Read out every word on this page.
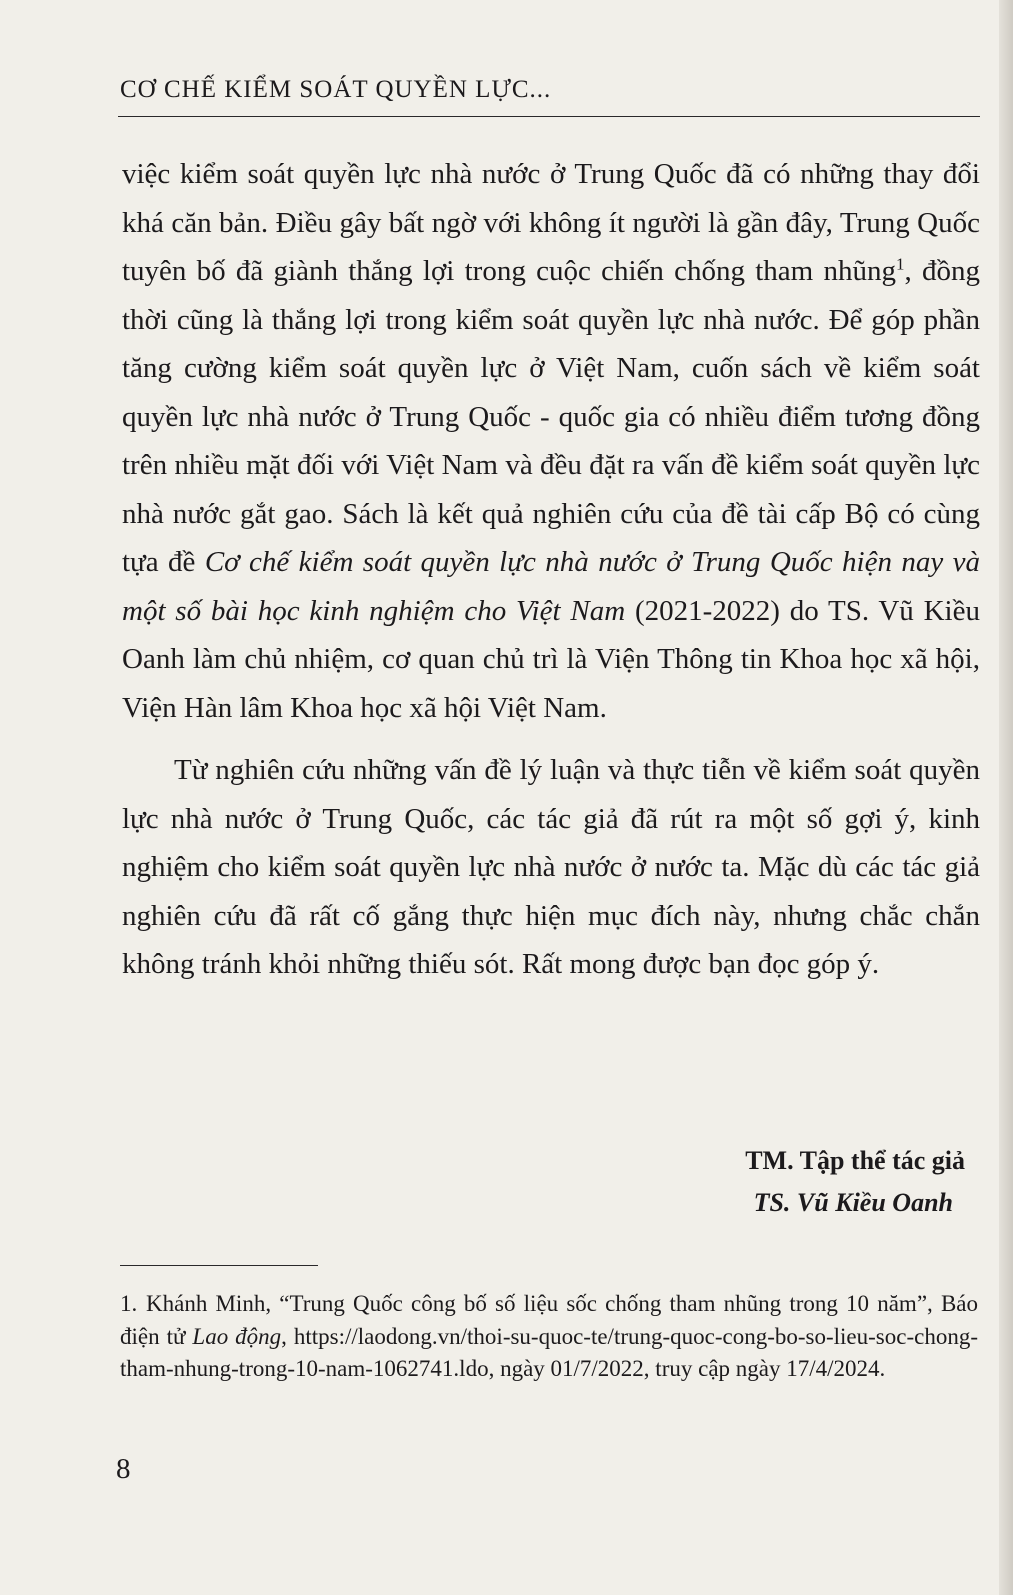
CƠ CHẾ KIỂM SOÁT QUYỀN LỰC...

việc kiểm soát quyền lực nhà nước ở Trung Quốc đã có những thay đổi khá căn bản. Điều gây bất ngờ với không ít người là gần đây, Trung Quốc tuyên bố đã giành thắng lợi trong cuộc chiến chống tham nhũng$^1$, đồng thời cũng là thắng lợi trong kiểm soát quyền lực nhà nước. Để góp phần tăng cường kiểm soát quyền lực ở Việt Nam, cuốn sách về kiểm soát quyền lực nhà nước ở Trung Quốc - quốc gia có nhiều điểm tương đồng trên nhiều mặt đối với Việt Nam và đều đặt ra vấn đề kiểm soát quyền lực nhà nước gắt gao. Sách là kết quả nghiên cứu của đề tài cấp Bộ có cùng tựa đề Cơ chế kiểm soát quyền lực nhà nước ở Trung Quốc hiện nay và một số bài học kinh nghiệm cho Việt Nam (2021-2022) do TS. Vũ Kiều Oanh làm chủ nhiệm, cơ quan chủ trì là Viện Thông tin Khoa học xã hội, Viện Hàn lâm Khoa học xã hội Việt Nam.

Từ nghiên cứu những vấn đề lý luận và thực tiễn về kiểm soát quyền lực nhà nước ở Trung Quốc, các tác giả đã rút ra một số gợi ý, kinh nghiệm cho kiểm soát quyền lực nhà nước ở nước ta. Mặc dù các tác giả nghiên cứu đã rất cố gắng thực hiện mục đích này, nhưng chắc chắn không tránh khỏi những thiếu sót. Rất mong được bạn đọc góp ý.

TM. Tập thể tác giả
TS. Vũ Kiều Oanh
1. Khánh Minh, “Trung Quốc công bố số liệu sốc chống tham nhũng trong 10 năm”, Báo điện tử Lao động, https://laodong.vn/thoi-su-quoc-te/trung-quoc-cong-bo-so-lieu-soc-chong-tham-nhung-trong-10-nam-1062741.ldo, ngày 01/7/2022, truy cập ngày 17/4/2024.
8
